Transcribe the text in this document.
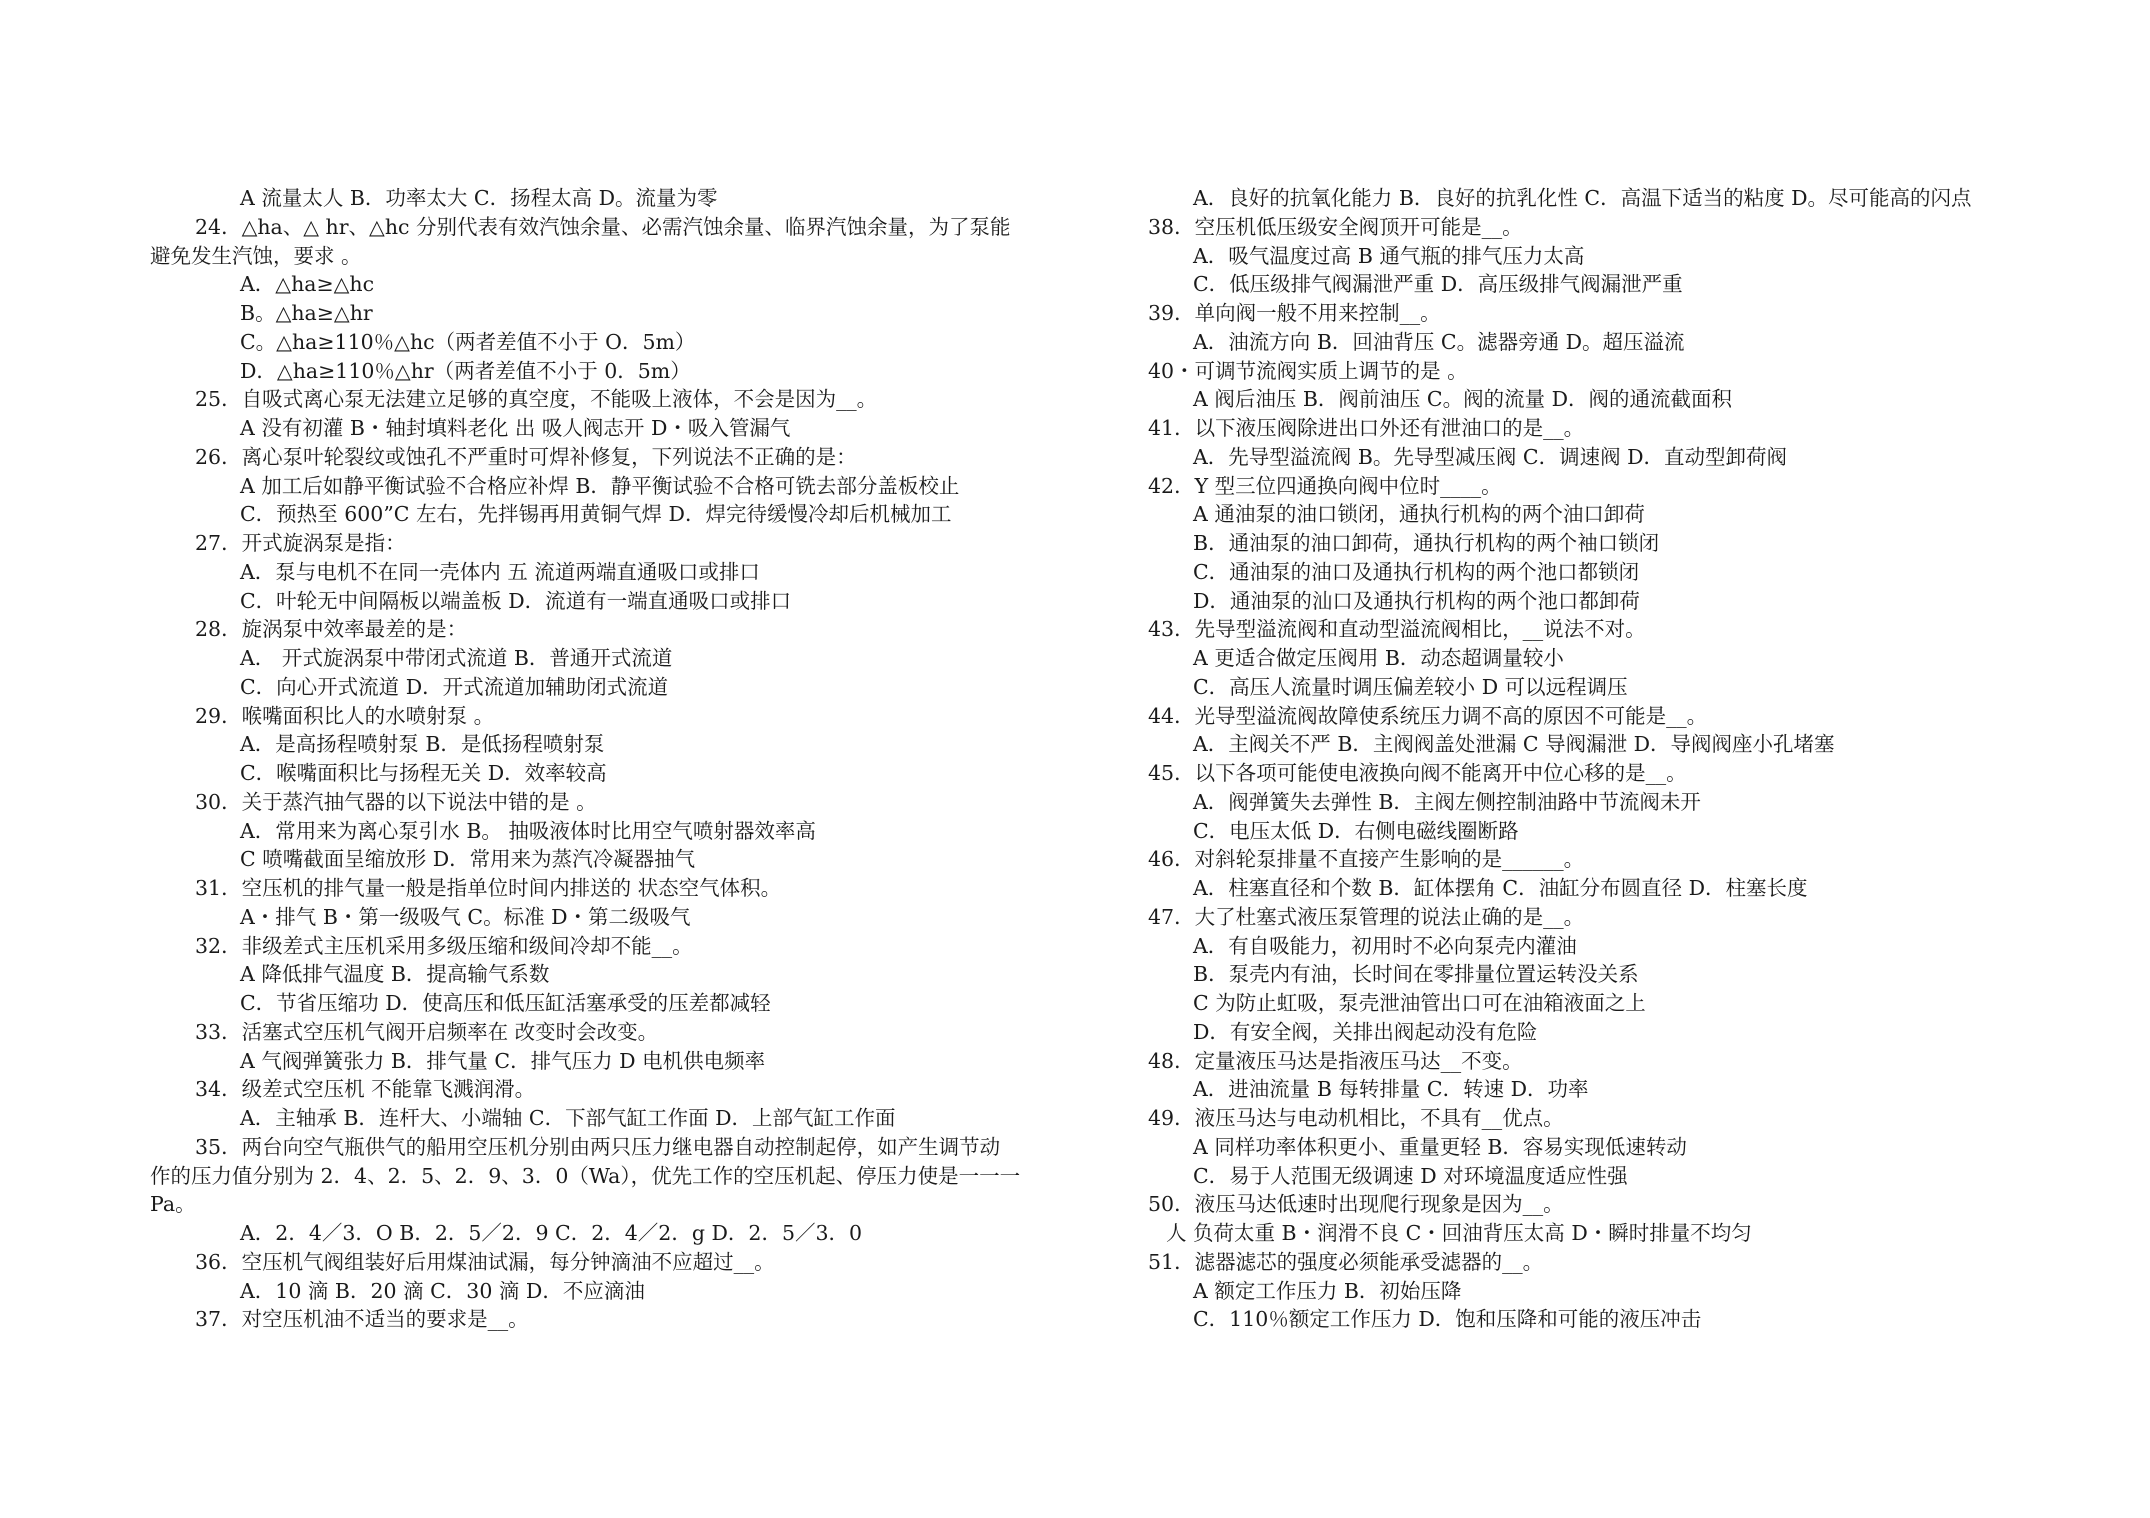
A 流量太人 B．功率太大 C．扬程太高 D。流量为零
24．△ha、△ hr、△hc 分别代表有效汽蚀余量、必需汽蚀余量、临界汽蚀余量，为了泵能
避免发生汽蚀，要求 。
A．△ha≥△hc
B。△ha≥△hr
C。△ha≥110％△hc（两者差值不小于 O．5m）
D．△ha≥110％△hr（两者差值不小于 0．5m）
25．自吸式离心泵无法建立足够的真空度，不能吸上液体，不会是因为__。
A 没有初灌 B・轴封填料老化 出 吸人阀志开 D・吸入管漏气
26．离心泵叶轮裂纹或蚀孔不严重时可焊补修复，下列说法不正确的是：
A 加工后如静平衡试验不合格应补焊 B．静平衡试验不合格可铣去部分盖板校止
C．预热至 600”C 左右，先拌锡再用黄铜气焊 D．焊完待缓慢冷却后机械加工
27．开式旋涡泵是指：
A．泵与电机不在同一壳体内 五 流道两端直通吸口或排口
C．叶轮无中间隔板以端盖板 D．流道有一端直通吸口或排口
28．旋涡泵中效率最差的是：
A． 开式旋涡泵中带闭式流道 B．普通开式流道
C．向心开式流道 D．开式流道加辅助闭式流道
29．喉嘴面积比人的水喷射泵 。
A．是高扬程喷射泵 B．是低扬程喷射泵
C．喉嘴面积比与扬程无关 D．效率较高
30．关于蒸汽抽气器的以下说法中错的是 。
A．常用来为离心泵引水 B。 抽吸液体时比用空气喷射器效率高
C 喷嘴截面呈缩放形 D．常用来为蒸汽冷凝器抽气
31．空压机的排气量一般是指单位时间内排送的 状态空气体积。
A・排气 B・第一级吸气 C。标准 D・第二级吸气
32．非级差式主压机采用多级压缩和级间冷却不能__。
A 降低排气温度 B．提高输气系数
C．节省压缩功 D．使高压和低压缸活塞承受的压差都减轻
33．活塞式空压机气阀开启频率在 改变时会改变。
A 气阀弹簧张力 B．排气量 C．排气压力 D 电机供电频率
34．级差式空压机 不能靠飞溅润滑。
A．主轴承 B．连杆大、小端轴 C．下部气缸工作面 D．上部气缸工作面
35．两台向空气瓶供气的船用空压机分别由两只压力继电器自动控制起停，如产生调节动
作的压力值分别为 2．4、2．5、2．9、3．0（Wa），优先工作的空压机起、停压力使是一一一
Pa。
A．2．4／3．O B．2．5／2．9 C．2．4／2．g D．2．5／3．0
36．空压机气阀组装好后用煤油试漏，每分钟滴油不应超过__。
A．10 滴 B．20 滴 C．30 滴 D．不应滴油
37．对空压机油不适当的要求是__。
A．良好的抗氧化能力 B．良好的抗乳化性 C．高温下适当的粘度 D。尽可能高的闪点
38．空压机低压级安全阀顶开可能是__。
A．吸气温度过高 B 通气瓶的排气压力太高
C．低压级排气阀漏泄严重 D．高压级排气阀漏泄严重
39．单向阀一般不用来控制__。
A．油流方向 B．回油背压 C。滤器旁通 D。超压溢流
40・可调节流阀实质上调节的是 。
A 阀后油压 B．阀前油压 C。阀的流量 D．阀的通流截面积
41．以下液压阀除进出口外还有泄油口的是__。
A．先导型溢流阀 B。先导型减压阀 C．调速阀 D．直动型卸荷阀
42．Y 型三位四通换向阀中位时____。
A 通油泵的油口锁闭，通执行机构的两个油口卸荷
B．通油泵的油口卸荷，通执行机构的两个袖口锁闭
C．通油泵的油口及通执行机构的两个池口都锁闭
D．通油泵的汕口及通执行机构的两个池口都卸荷
43．先导型溢流阀和直动型溢流阀相比，__说法不对。
A 更适合做定压阀用 B．动态超调量较小
C．高压人流量时调压偏差较小 D 可以远程调压
44．光导型溢流阀故障使系统压力调不高的原因不可能是__。
A．主阀关不严 B．主阀阀盖处泄漏 C 导阀漏泄 D．导阀阀座小孔堵塞
45．以下各项可能使电液换向阀不能离开中位心移的是__。
A．阀弹簧失去弹性 B．主阀左侧控制油路中节流阀未开
C．电压太低 D．右侧电磁线圈断路
46．对斜轮泵排量不直接产生影响的是______。
A．柱塞直径和个数 B．缸体摆角 C．油缸分布圆直径 D．柱塞长度
47．大了杜塞式液压泵管理的说法止确的是__。
A．有自吸能力，初用时不必向泵壳内灌油
B．泵壳内有油，长时间在零排量位置运转没关系
C 为防止虹吸，泵壳泄油管出口可在油箱液面之上
D．有安全阀，关排出阀起动没有危险
48．定量液压马达是指液压马达__不变。
A．进油流量 B 每转排量 C．转速 D．功率
49．液压马达与电动机相比，不具有__优点。
A 同样功率体积更小、重量更轻 B．容易实现低速转动
C．易于人范围无级调速 D 对环境温度适应性强
50．液压马达低速时出现爬行现象是因为__。
人 负荷太重 B・润滑不良 C・回油背压太高 D・瞬时排量不均匀
51．滤器滤芯的强度必须能承受滤器的__。
A 额定工作压力 B．初始压降
C．110％额定工作压力 D．饱和压降和可能的液压冲击
